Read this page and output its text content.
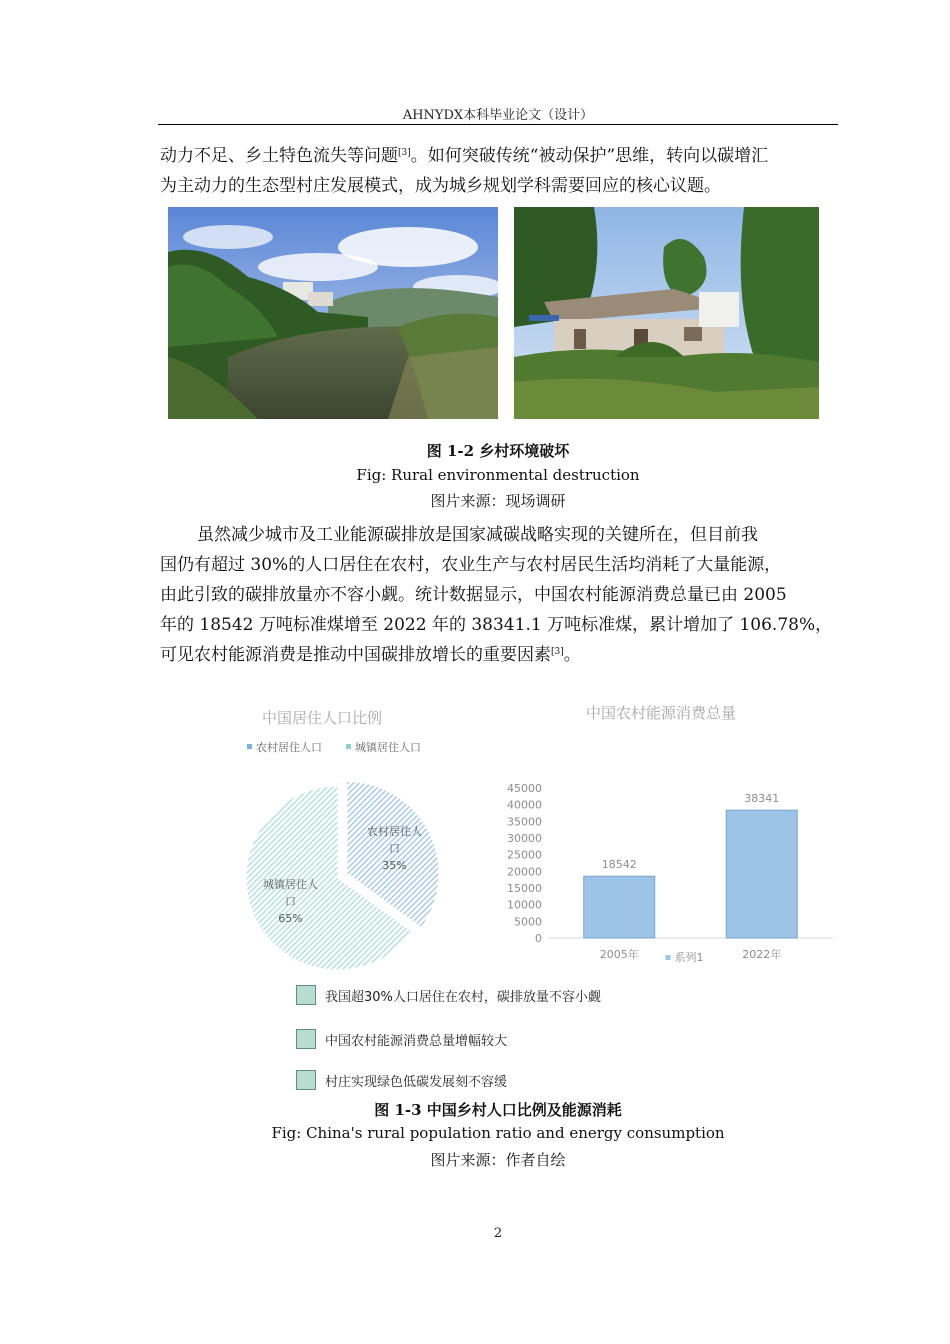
AHNYDX本科毕业论文（设计）
动力不足、乡土特色流失等问题[3]。如何突破传统“被动保护”思维，转向以碳增汇
为主动力的生态型村庄发展模式，成为城乡规划学科需要回应的核心议题。
图 1-2 乡村环境破坏
Fig: Rural environmental destruction
图片来源：现场调研
虽然减少城市及工业能源碳排放是国家减碳战略实现的关键所在，但目前我
国仍有超过 30%的人口居住在农村，农业生产与农村居民生活均消耗了大量能源，
由此引致的碳排放量亦不容小觑。统计数据显示，中国农村能源消费总量已由 2005
年的 18542 万吨标准煤增至 2022 年的 38341.1 万吨标准煤，累计增加了 106.78%，
可见农村能源消费是推动中国碳排放增长的重要因素[3]。
中国居住人口比例
农村居住人口	城镇居住人口
农村居住人
口
35%
城镇居住人
口
65%
中国农村能源消费总量
0
5000
10000
15000
20000
25000
30000
35000
40000
45000
18542
2005年
38341
2022年
系列1
我国超30%人口居住在农村，碳排放量不容小觑
中国农村能源消费总量增幅较大
村庄实现绿色低碳发展刻不容缓
图 1-3 中国乡村人口比例及能源消耗
Fig: China's rural population ratio and energy consumption
图片来源：作者自绘
2
